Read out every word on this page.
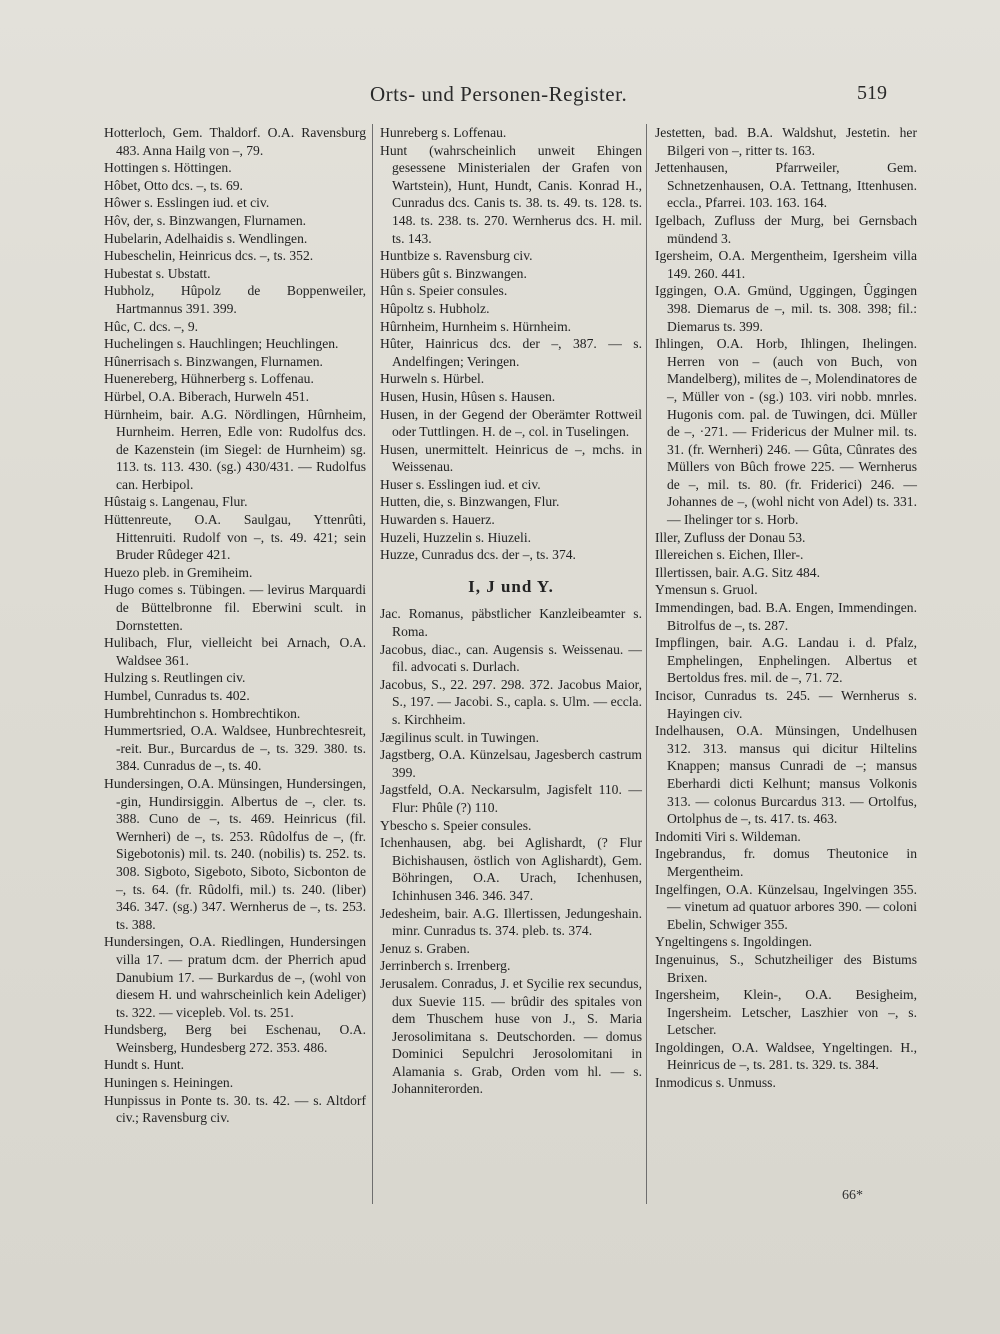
Orts- und Personen-Register.	519

Hotterloch, Gem. Thaldorf. O.A. Ravensburg 483. Anna Hailg von –, 79.

Hottingen s. Höttingen.

Hôbet, Otto dcs. –, ts. 69.

Hôwer s. Esslingen iud. et civ.

Hôv, der, s. Binzwangen, Flurnamen.

Hubelarin, Adelhaidis s. Wendlingen.

Hubeschelin, Heinricus dcs. –, ts. 352.

Hubestat s. Ubstatt.

Hubholz, Hûpolz de Boppenweiler, Hartmannus 391. 399.

Hûc, C. dcs. –, 9.

Huchelingen s. Hauchlingen; Heuchlingen.

Hûnerrisach s. Binzwangen, Flurnamen.

Huenereberg, Hühnerberg s. Loffenau.

Hürbel, O.A. Biberach, Hurweln 451.

Hürnheim, bair. A.G. Nördlingen, Hûrnheim, Hurnheim. Herren, Edle von: Rudolfus dcs. de Kazenstein (im Siegel: de Hurnheim) sg. 113. ts. 113. 430. (sg.) 430/431. — Rudolfus can. Herbipol.

Hûstaig s. Langenau, Flur.

Hüttenreute, O.A. Saulgau, Yttenrûti, Hittenruiti. Rudolf von –, ts. 49. 421; sein Bruder Rûdeger 421.

Huezo pleb. in Gremiheim.

Hugo comes s. Tübingen. — levirus Marquardi de Büttelbronne fil. Eberwini scult. in Dornstetten.

Hulibach, Flur, vielleicht bei Arnach, O.A. Waldsee 361.

Hulzing s. Reutlingen civ.

Humbel, Cunradus ts. 402.

Humbrehtinchon s. Hombrechtikon.

Hummertsried, O.A. Waldsee, Hunbrechtesreit, -reit. Bur., Burcardus de –, ts. 329. 380. ts. 384. Cunradus de –, ts. 40.

Hundersingen, O.A. Münsingen, Hundersingen, -gin, Hundirsiggin. Albertus de –, cler. ts. 388. Cuno de –, ts. 469. Heinricus (fil. Wernheri) de –, ts. 253. Rûdolfus de –, (fr. Sigebotonis) mil. ts. 240. (nobilis) ts. 252. ts. 308. Sigboto, Sigeboto, Siboto, Sicbonton de –, ts. 64. (fr. Rûdolfi, mil.) ts. 240. (liber) 346. 347. (sg.) 347. Wernherus de –, ts. 253. ts. 388.

Hundersingen, O.A. Riedlingen, Hundersingen villa 17. — pratum dcm. der Pherrich apud Danubium 17. — Burkardus de –, (wohl von diesem H. und wahrscheinlich kein Adeliger) ts. 322. — vicepleb. Vol. ts. 251.

Hundsberg, Berg bei Eschenau, O.A. Weinsberg, Hundesberg 272. 353. 486.

Hundt s. Hunt.

Huningen s. Heiningen.

Hunpissus in Ponte ts. 30. ts. 42. — s. Altdorf civ.; Ravensburg civ.

Hunreberg s. Loffenau.

Hunt (wahrscheinlich unweit Ehingen gesessene Ministerialen der Grafen von Wartstein), Hunt, Hundt, Canis. Konrad H., Cunradus dcs. Canis ts. 38. ts. 49. ts. 128. ts. 148. ts. 238. ts. 270. Wernherus dcs. H. mil. ts. 143.

Huntbize s. Ravensburg civ.

Hübers gût s. Binzwangen.

Hûn s. Speier consules.

Hûpoltz s. Hubholz.

Hûrnheim, Hurnheim s. Hürnheim.

Hûter, Hainricus dcs. der –, 387. — s. Andelfingen; Veringen.

Hurweln s. Hürbel.

Husen, Husin, Hûsen s. Hausen.

Husen, in der Gegend der Oberämter Rottweil oder Tuttlingen. H. de –, col. in Tuselingen.

Husen, unermittelt. Heinricus de –, mchs. in Weissenau.

Huser s. Esslingen iud. et civ.

Hutten, die, s. Binzwangen, Flur.

Huwarden s. Hauerz.

Huzeli, Huzzelin s. Hiuzeli.

Huzze, Cunradus dcs. der –, ts. 374.

I, J und Y.

Jac. Romanus, päbstlicher Kanzleibeamter s. Roma.

Jacobus, diac., can. Augensis s. Weissenau. — fil. advocati s. Durlach.

Jacobus, S., 22. 297. 298. 372. Jacobus Maior, S., 197. — Jacobi. S., capla. s. Ulm. — eccla. s. Kirchheim.

Jægilinus scult. in Tuwingen.

Jagstberg, O.A. Künzelsau, Jagesberch castrum 399.

Jagstfeld, O.A. Neckarsulm, Jagisfelt 110. — Flur: Phûle (?) 110.

Ybescho s. Speier consules.

Ichenhausen, abg. bei Aglishardt, (? Flur Bichishausen, östlich von Aglishardt), Gem. Böhringen, O.A. Urach, Ichenhusen, Ichinhusen 346. 346. 347.

Jedesheim, bair. A.G. Illertissen, Jedungeshain. minr. Cunradus ts. 374. pleb. ts. 374.

Jenuz s. Graben.

Jerrinberch s. Irrenberg.

Jerusalem. Conradus, J. et Sycilie rex secundus, dux Suevie 115. — brûdir des spitales von dem Thuschem huse von J., S. Maria Jerosolimitana s. Deutschorden. — domus Dominici Sepulchri Jerosolomitani in Alamania s. Grab, Orden vom hl. — s. Johanniterorden.

Jestetten, bad. B.A. Waldshut, Jestetin. her Bilgeri von –, ritter ts. 163.

Jettenhausen, Pfarrweiler, Gem. Schnetzenhausen, O.A. Tettnang, Ittenhusen. eccla., Pfarrei. 103. 163. 164.

Igelbach, Zufluss der Murg, bei Gernsbach mündend 3.

Igersheim, O.A. Mergentheim, Igersheim villa 149. 260. 441.

Iggingen, O.A. Gmünd, Uggingen, Ûggingen 398. Diemarus de –, mil. ts. 308. 398; fil.: Diemarus ts. 399.

Ihlingen, O.A. Horb, Ihlingen, Ihelingen. Herren von – (auch von Buch, von Mandelberg), milites de –, Molendinatores de –, Müller von - (sg.) 103. viri nobb. mnrles. Hugonis com. pal. de Tuwingen, dci. Müller de –, ·271. — Fridericus der Mulner mil. ts. 31. (fr. Wernheri) 246. — Gûta, Cûnrates des Müllers von Bûch frowe 225. — Wernherus de –, mil. ts. 80. (fr. Friderici) 246. — Johannes de –, (wohl nicht von Adel) ts. 331. — Ihelinger tor s. Horb.

Iller, Zufluss der Donau 53.

Illereichen s. Eichen, Iller-.

Illertissen, bair. A.G. Sitz 484.

Ymensun s. Gruol.

Immendingen, bad. B.A. Engen, Immendingen. Bitrolfus de –, ts. 287.

Impflingen, bair. A.G. Landau i. d. Pfalz, Emphelingen, Enphelingen. Albertus et Bertoldus fres. mil. de –, 71. 72.

Incisor, Cunradus ts. 245. — Wernherus s. Hayingen civ.

Indelhausen, O.A. Münsingen, Undelhusen 312. 313. mansus qui dicitur Hiltelins Knappen; mansus Cunradi de –; mansus Eberhardi dicti Kelhunt; mansus Volkonis 313. — colonus Burcardus 313. — Ortolfus, Ortolphus de –, ts. 417. ts. 463.

Indomiti Viri s. Wildeman.

Ingebrandus, fr. domus Theutonice in Mergentheim.

Ingelfingen, O.A. Künzelsau, Ingelvingen 355. — vinetum ad quatuor arbores 390. — coloni Ebelin, Schwiger 355.

Yngeltingens s. Ingoldingen.

Ingenuinus, S., Schutzheiliger des Bistums Brixen.

Ingersheim, Klein-, O.A. Besigheim, Ingersheim. Letscher, Laszhier von –, s. Letscher.

Ingoldingen, O.A. Waldsee, Yngeltingen. H., Heinricus de –, ts. 281. ts. 329. ts. 384.

Inmodicus s. Unmuss.

66*
